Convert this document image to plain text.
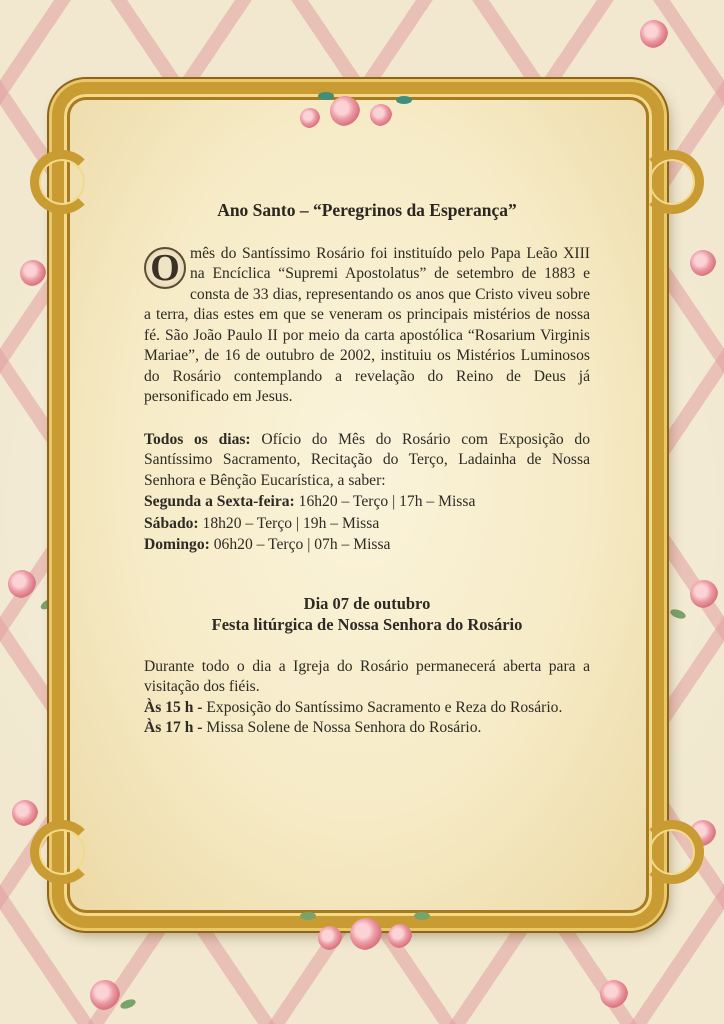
Ano Santo – “Peregrinos da Esperança”

O mês do Santíssimo Rosário foi instituído pelo Papa Leão XIII na Encíclica “Supremi Apostolatus” de setembro de 1883 e consta de 33 dias, representando os anos que Cristo viveu sobre a terra, dias estes em que se veneram os principais mistérios de nossa fé. São João Paulo II por meio da carta apostólica “Rosarium Virginis Mariae”, de 16 de outubro de 2002, instituiu os Mistérios Luminosos do Rosário contemplando a revelação do Reino de Deus já personificado em Jesus.

Todos os dias: Ofício do Mês do Rosário com Exposição do Santíssimo Sacramento, Recitação do Terço, Ladainha de Nossa Senhora e Bênção Eucarística, a saber:

Segunda a Sexta-feira: 16h20 – Terço | 17h – Missa
Sábado: 18h20 – Terço | 19h – Missa
Domingo: 06h20 – Terço | 07h – Missa
Dia 07 de outubro
Festa litúrgica de Nossa Senhora do Rosário

Durante todo o dia a Igreja do Rosário permanecerá aberta para a visitação dos fiéis.

Às 15 h - Exposição do Santíssimo Sacramento e Reza do Rosário.

Às 17 h - Missa Solene de Nossa Senhora do Rosário.
